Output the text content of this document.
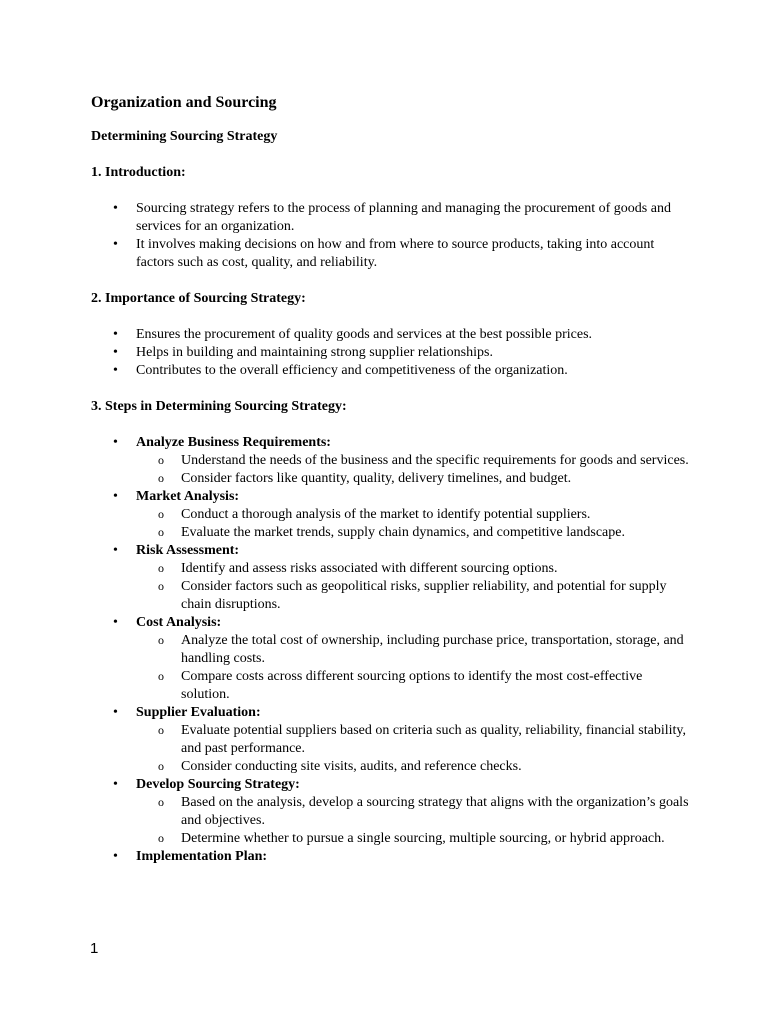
Organization and Sourcing
Determining Sourcing Strategy
1. Introduction:
• Sourcing strategy refers to the process of planning and managing the procurement of goods and services for an organization.
• It involves making decisions on how and from where to source products, taking into account factors such as cost, quality, and reliability.
2. Importance of Sourcing Strategy:
• Ensures the procurement of quality goods and services at the best possible prices.
• Helps in building and maintaining strong supplier relationships.
• Contributes to the overall efficiency and competitiveness of the organization.
3. Steps in Determining Sourcing Strategy:
• Analyze Business Requirements:
o Understand the needs of the business and the specific requirements for goods and services.
o Consider factors like quantity, quality, delivery timelines, and budget.
• Market Analysis:
o Conduct a thorough analysis of the market to identify potential suppliers.
o Evaluate the market trends, supply chain dynamics, and competitive landscape.
• Risk Assessment:
o Identify and assess risks associated with different sourcing options.
o Consider factors such as geopolitical risks, supplier reliability, and potential for supply chain disruptions.
• Cost Analysis:
o Analyze the total cost of ownership, including purchase price, transportation, storage, and handling costs.
o Compare costs across different sourcing options to identify the most cost-effective solution.
• Supplier Evaluation:
o Evaluate potential suppliers based on criteria such as quality, reliability, financial stability, and past performance.
o Consider conducting site visits, audits, and reference checks.
• Develop Sourcing Strategy:
o Based on the analysis, develop a sourcing strategy that aligns with the organization’s goals and objectives.
o Determine whether to pursue a single sourcing, multiple sourcing, or hybrid approach.
• Implementation Plan:
1
